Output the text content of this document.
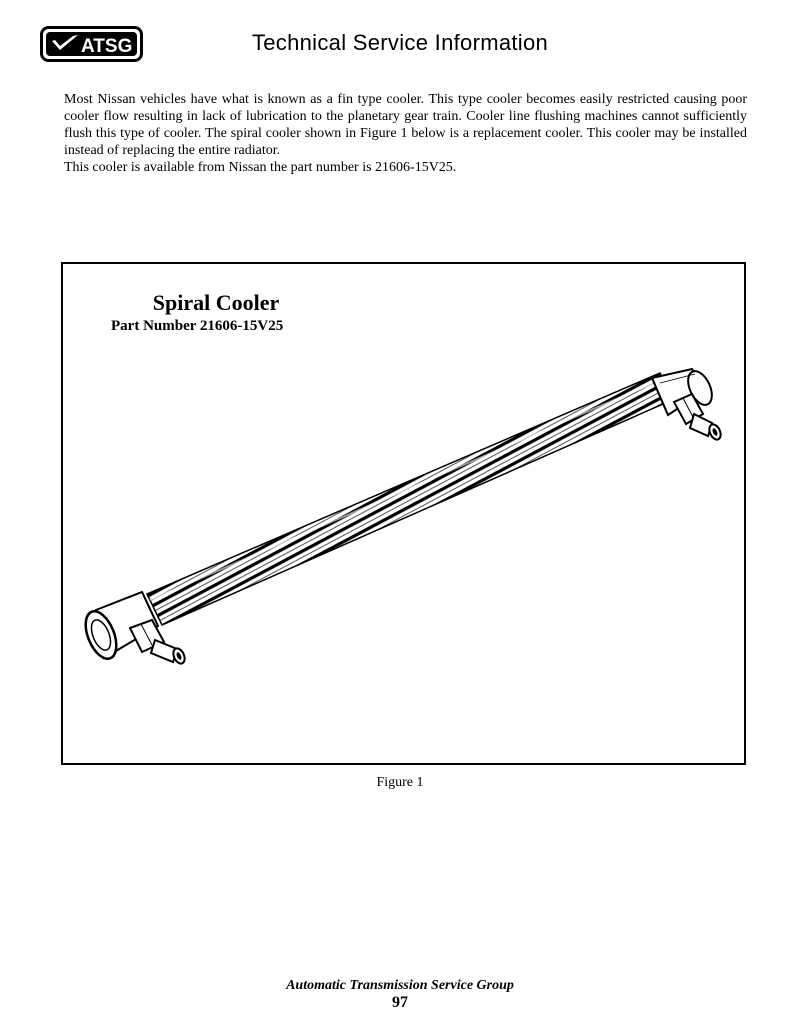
ATSG	Technical Service Information

Most Nissan vehicles have what is known as a fin type cooler. This type cooler becomes easily restricted causing poor cooler flow resulting in lack of lubrication to the planetary gear train. Cooler line flushing machines cannot sufficiently flush this type of cooler. The spiral cooler shown in Figure 1 below is a replacement cooler. This cooler may be installed instead of replacing the entire radiator.

This cooler is available from Nissan the part number is 21606-15V25.

Spiral Cooler
Part Number 21606-15V25
Figure 1
Automatic Transmission Service Group
97
